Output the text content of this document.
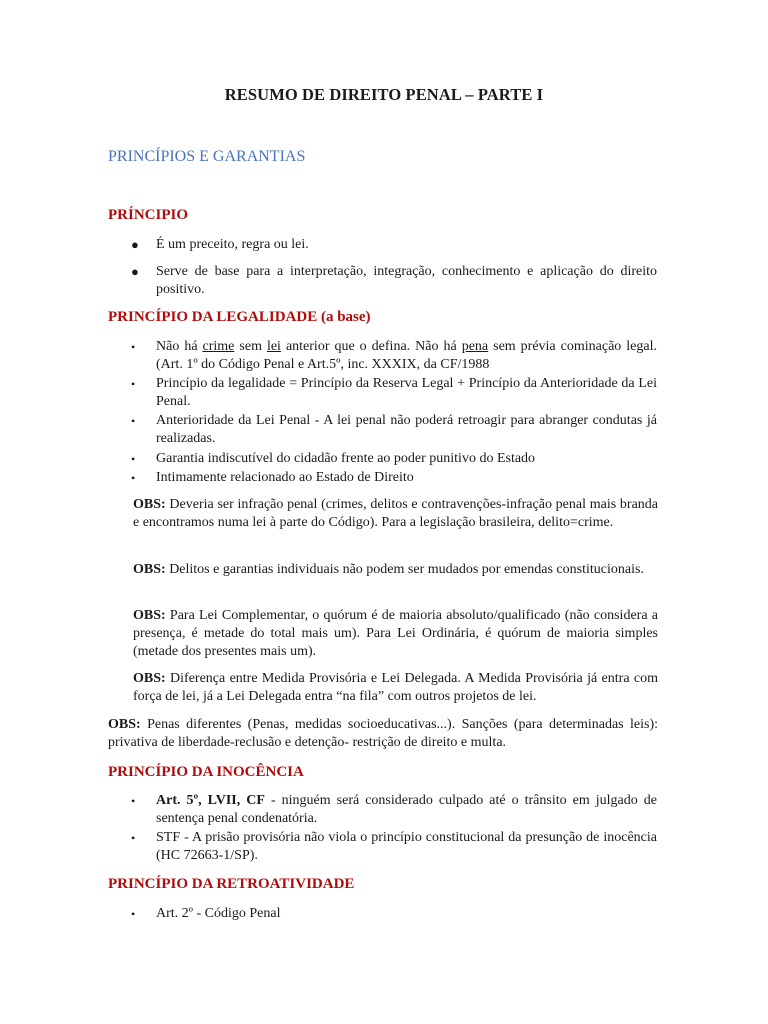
RESUMO DE DIREITO PENAL – PARTE I
PRINCÍPIOS E GARANTIAS
PRÍNCIPIO
● É um preceito, regra ou lei.
● Serve de base para a interpretação, integração, conhecimento e aplicação do direito positivo.
PRINCÍPIO DA LEGALIDADE (a base)
•	Não há crime sem lei anterior que o defina. Não há pena sem prévia cominação legal. (Art. 1º do Código Penal e Art.5º, inc. XXXIX, da CF/1988
•	Princípio da legalidade = Princípio da Reserva Legal + Princípio da Anterioridade da Lei Penal.
•	Anterioridade da Lei Penal - A lei penal não poderá retroagir para abranger condutas já realizadas.
•	Garantia indiscutível do cidadão frente ao poder punitivo do Estado
•	Intimamente relacionado ao Estado de Direito
OBS: Deveria ser infração penal (crimes, delitos e contravenções-infração penal mais branda e encontramos numa lei à parte do Código). Para a legislação brasileira, delito=crime.
OBS: Delitos e garantias individuais não podem ser mudados por emendas constitucionais.
OBS: Para Lei Complementar, o quórum é de maioria absoluto/qualificado (não considera a presença, é metade do total mais um). Para Lei Ordinária, é quórum de maioria simples (metade dos presentes mais um).
OBS: Diferença entre Medida Provisória e Lei Delegada. A Medida Provisória já entra com força de lei, já a Lei Delegada entra “na fila” com outros projetos de lei.
OBS: Penas diferentes (Penas, medidas socioeducativas...). Sanções (para determinadas leis): privativa de liberdade-reclusão e detenção- restrição de direito e multa.
PRINCÍPIO DA INOCÊNCIA
•	Art. 5º, LVII, CF - ninguém será considerado culpado até o trânsito em julgado de sentença penal condenatória.
•	STF - A prisão provisória não viola o princípio constitucional da presunção de inocência (HC 72663-1/SP).
PRINCÍPIO DA RETROATIVIDADE
•	Art. 2º - Código Penal
